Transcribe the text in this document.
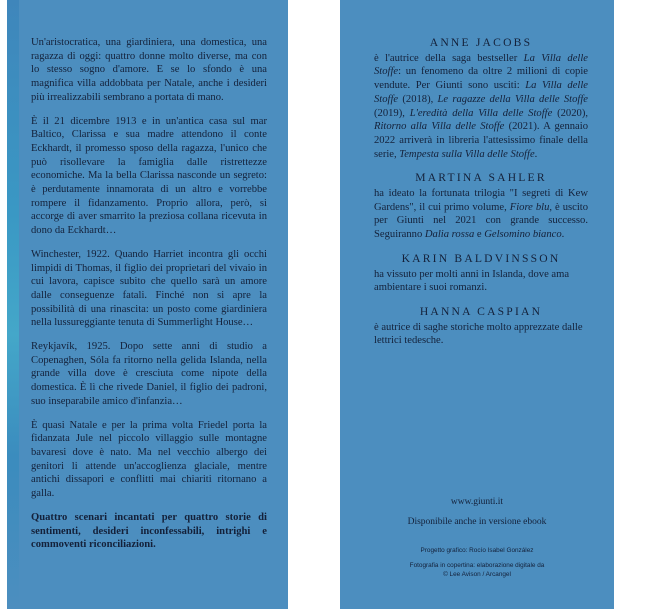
Un'aristocratica, una giardiniera, una domestica, una ragazza di oggi: quattro donne molto diverse, ma con lo stesso sogno d'amore. E se lo sfondo è una magnifica villa addobbata per Natale, anche i desideri più irrealizzabili sembrano a portata di mano.

È il 21 dicembre 1913 e in un'antica casa sul mar Baltico, Clarissa e sua madre attendono il conte Eckhardt, il promesso sposo della ragazza, l'unico che può risollevare la famiglia dalle ristrettezze economiche. Ma la bella Clarissa nasconde un segreto: è perdutamente innamorata di un altro e vorrebbe rompere il fidanzamento. Proprio allora, però, si accorge di aver smarrito la preziosa collana ricevuta in dono da Eckhardt…

Winchester, 1922. Quando Harriet incontra gli occhi limpidi di Thomas, il figlio dei proprietari del vivaio in cui lavora, capisce subito che quello sarà un amore dalle conseguenze fatali. Finché non si apre la possibilità di una rinascita: un posto come giardiniera nella lussureggiante tenuta di Summerlight House…

Reykjavík, 1925. Dopo sette anni di studio a Copenaghen, Sóla fa ritorno nella gelida Islanda, nella grande villa dove è cresciuta come nipote della domestica. È lì che rivede Daniel, il figlio dei padroni, suo inseparabile amico d'infanzia…

È quasi Natale e per la prima volta Friedel porta la fidanzata Jule nel piccolo villaggio sulle montagne bavaresi dove è nato. Ma nel vecchio albergo dei genitori li attende un'accoglienza glaciale, mentre antichi dissapori e conflitti mai chiariti ritornano a galla.

Quattro scenari incantati per quattro storie di sentimenti, desideri inconfessabili, intrighi e commoventi riconciliazioni.

ANNE JACOBS
è l'autrice della saga bestseller La Villa delle Stoffe: un fenomeno da oltre 2 milioni di copie vendute. Per Giunti sono usciti: La Villa delle Stoffe (2018), Le ragazze della Villa delle Stoffe (2019), L'eredità della Villa delle Stoffe (2020), Ritorno alla Villa delle Stoffe (2021). A gennaio 2022 arriverà in libreria l'attesissimo finale della serie, Tempesta sulla Villa delle Stoffe.
MARTINA SAHLER
ha ideato la fortunata trilogia "I segreti di Kew Gardens", il cui primo volume, Fiore blu, è uscito per Giunti nel 2021 con grande successo. Seguiranno Dalia rossa e Gelsomino bianco.
KARIN BALDVINSSON
ha vissuto per molti anni in Islanda, dove ama ambientare i suoi romanzi.
HANNA CASPIAN
è autrice di saghe storiche molto apprezzate dalle lettrici tedesche.
www.giunti.it
Disponibile anche in versione ebook
Progetto grafico: Rocío Isabel González
Fotografia in copertina: elaborazione digitale da
© Lee Avison / Arcangel
